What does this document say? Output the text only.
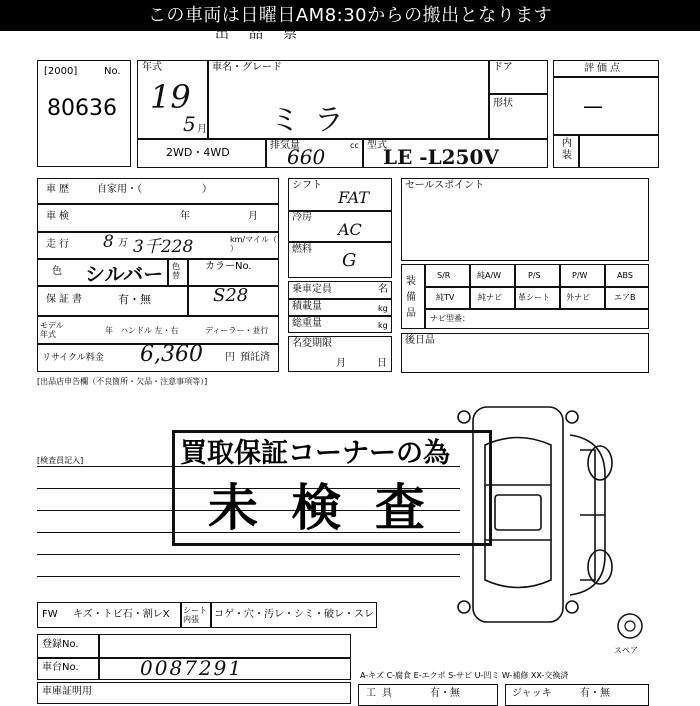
この車両は日曜日AM8:30からの搬出となります
出品票
[2000]	No.
80636
年式
19
5 月
車名・グレード
ミラ
ドア
形状
2WD・4WD
排気量
660	cc 型式
LE -L250V
評価点
—
内装
車歴	自家用・（　　　　　　）
車検	年	月
走行 8 万 3千228	km/マイル（ ）
色 シルバー 色替
カラーNo.
保証書	有・無	S28
モデル年式	年 ハンドル 左・右	ディーラー・並行
リサイクル料金 6,360 円 預託済
シフト
FAT
冷房
AC
燃料
G
乗車定員	名
積載量	kg
総重量	kg
名変期限
月	日
セールスポイント
装備品
S/R	純A/W	P/S	P/W	ABS
純TV	純ナビ 革シート 外ナビ	エアB
ナビ型番：
後日品
[出品店申告欄（不良箇所・欠品・注意事項等）]
[検査員記入]	買取保証コーナーの為
未 検 査
FW キズ・トビ石・割レX シート内張	コゲ・穴・汚レ・シミ・破レ・スレ
登録No.
車台No.	0087291
車庫証明用
スペア
A-キズ C-腐食 E-エクボ S-サビ U-凹ミ W-補修 XX-交換済
工具	有・無	ジャッキ	有・無
